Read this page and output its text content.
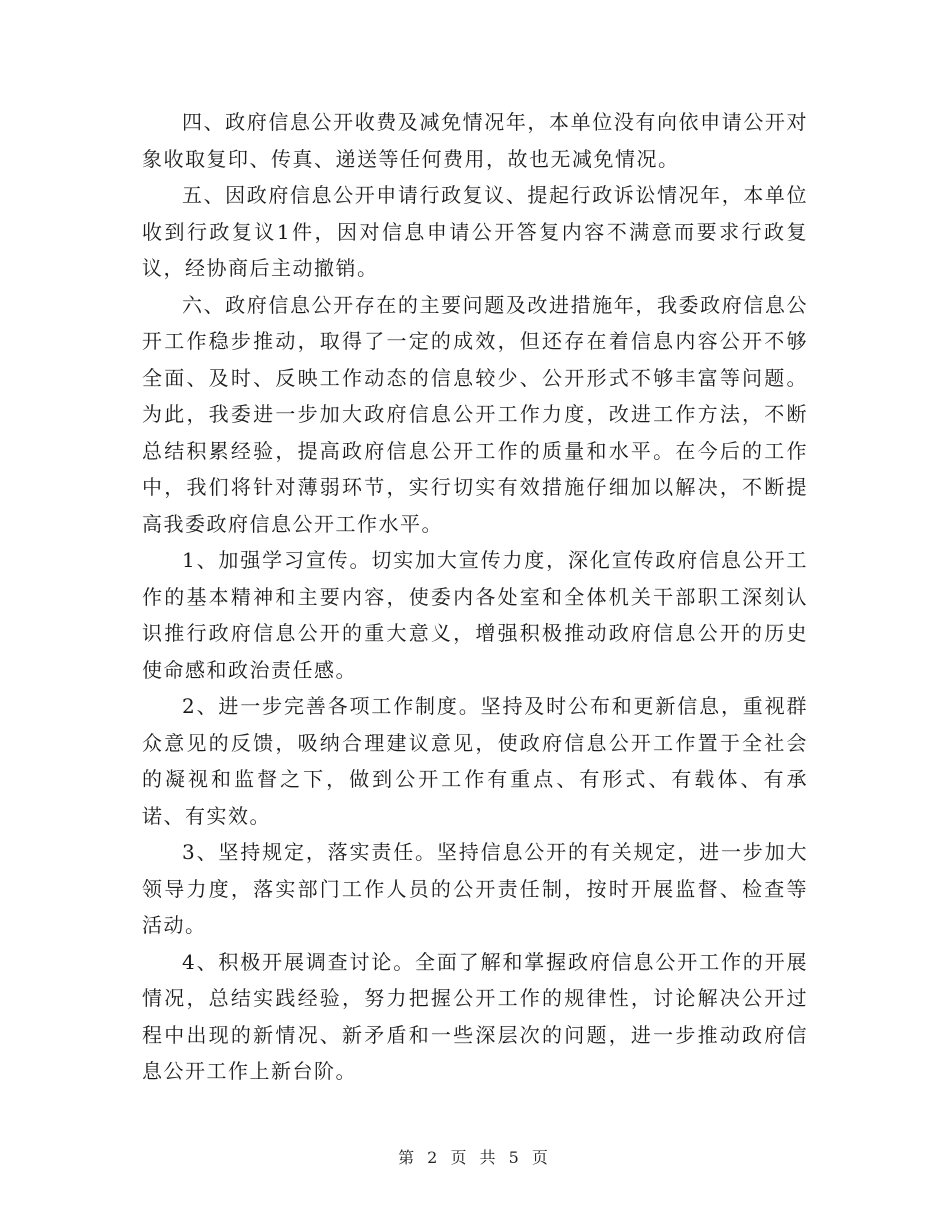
四、政府信息公开收费及减免情况年，本单位没有向依申请公开对象收取复印、传真、递送等任何费用，故也无减免情况。

五、因政府信息公开申请行政复议、提起行政诉讼情况年，本单位收到行政复议1件，因对信息申请公开答复内容不满意而要求行政复议，经协商后主动撤销。

六、政府信息公开存在的主要问题及改进措施年，我委政府信息公开工作稳步推动，取得了一定的成效，但还存在着信息内容公开不够全面、及时、反映工作动态的信息较少、公开形式不够丰富等问题。为此，我委进一步加大政府信息公开工作力度，改进工作方法，不断总结积累经验，提高政府信息公开工作的质量和水平。在今后的工作中，我们将针对薄弱环节，实行切实有效措施仔细加以解决，不断提高我委政府信息公开工作水平。

1、加强学习宣传。切实加大宣传力度，深化宣传政府信息公开工作的基本精神和主要内容，使委内各处室和全体机关干部职工深刻认识推行政府信息公开的重大意义，增强积极推动政府信息公开的历史使命感和政治责任感。

2、进一步完善各项工作制度。坚持及时公布和更新信息，重视群众意见的反馈，吸纳合理建议意见，使政府信息公开工作置于全社会的凝视和监督之下，做到公开工作有重点、有形式、有载体、有承诺、有实效。

3、坚持规定，落实责任。坚持信息公开的有关规定，进一步加大领导力度，落实部门工作人员的公开责任制，按时开展监督、检查等活动。

4、积极开展调查讨论。全面了解和掌握政府信息公开工作的开展情况，总结实践经验，努力把握公开工作的规律性，讨论解决公开过程中出现的新情况、新矛盾和一些深层次的问题，进一步推动政府信息公开工作上新台阶。

第 2 页 共 5 页
